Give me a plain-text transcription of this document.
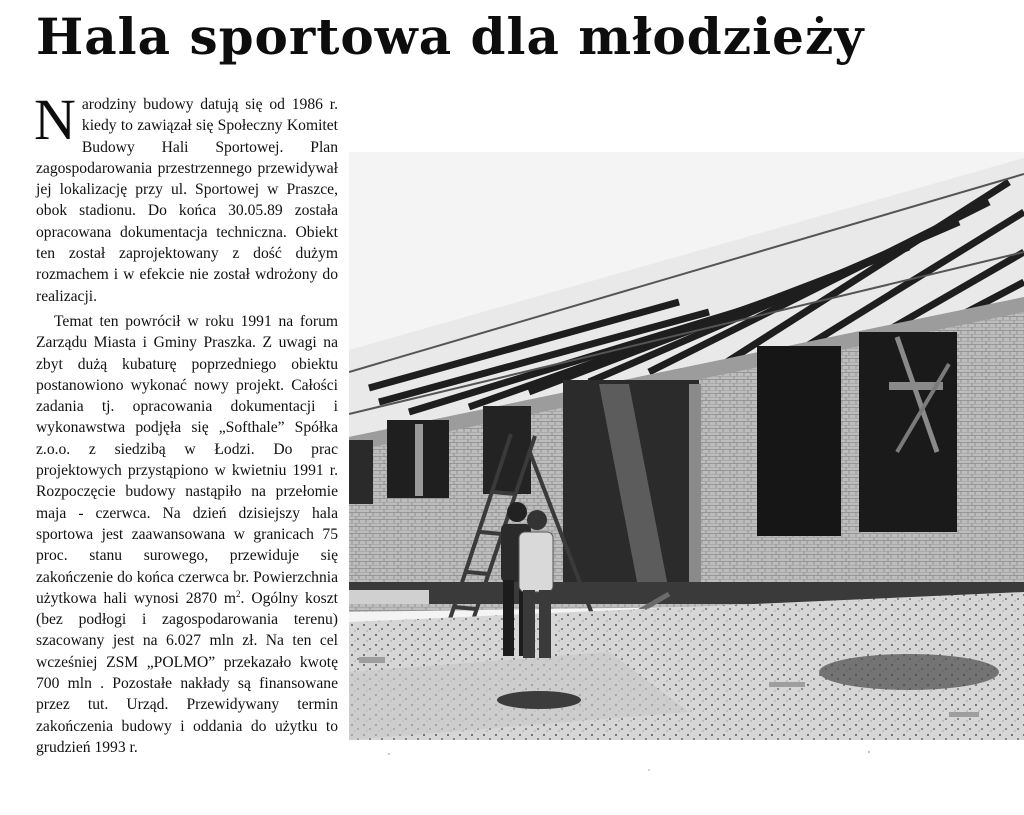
Hala sportowa dla młodzieży

Narodziny budowy datują się od 1986 r. kiedy to zawiązał się Społeczny Komitet Budowy Hali Sportowej. Plan zagospodarowania przestrzennego przewidywał jej lokalizację przy ul. Sportowej w Praszce, obok stadionu. Do końca 30.05.89 została opracowana dokumentacja techniczna. Obiekt ten został zaprojektowany z dość dużym rozmachem i w efekcie nie został wdrożony do realizacji.

Temat ten powrócił w roku 1991 na forum Zarządu Miasta i Gminy Praszka. Z uwagi na zbyt dużą kubaturę poprzedniego obiektu postanowiono wykonać nowy projekt. Całości zadania tj. opracowania dokumentacji i wykonawstwa podjęła się „Softhale” Spółka z.o.o. z siedzibą w Łodzi. Do prac projektowych przystąpiono w kwietniu 1991 r. Rozpoczęcie budowy nastąpiło na przełomie maja - czerwca. Na dzień dzisiejszy hala sportowa jest zaawansowana w granicach 75 proc. stanu surowego, przewiduje się zakończenie do końca czerwca br. Powierzchnia użytkowa hali wynosi 2870 $m^2$. Ogólny koszt (bez podłogi i zagospodarowania terenu) szacowany jest na 6.027 mln zł. Na ten cel wcześniej ZSM „POLMO” przekazało kwotę 700 mln . Pozostałe nakłady są finansowane przez tut. Urząd. Przewidywany termin zakończenia budowy i oddania do użytku to grudzień 1993 r.
